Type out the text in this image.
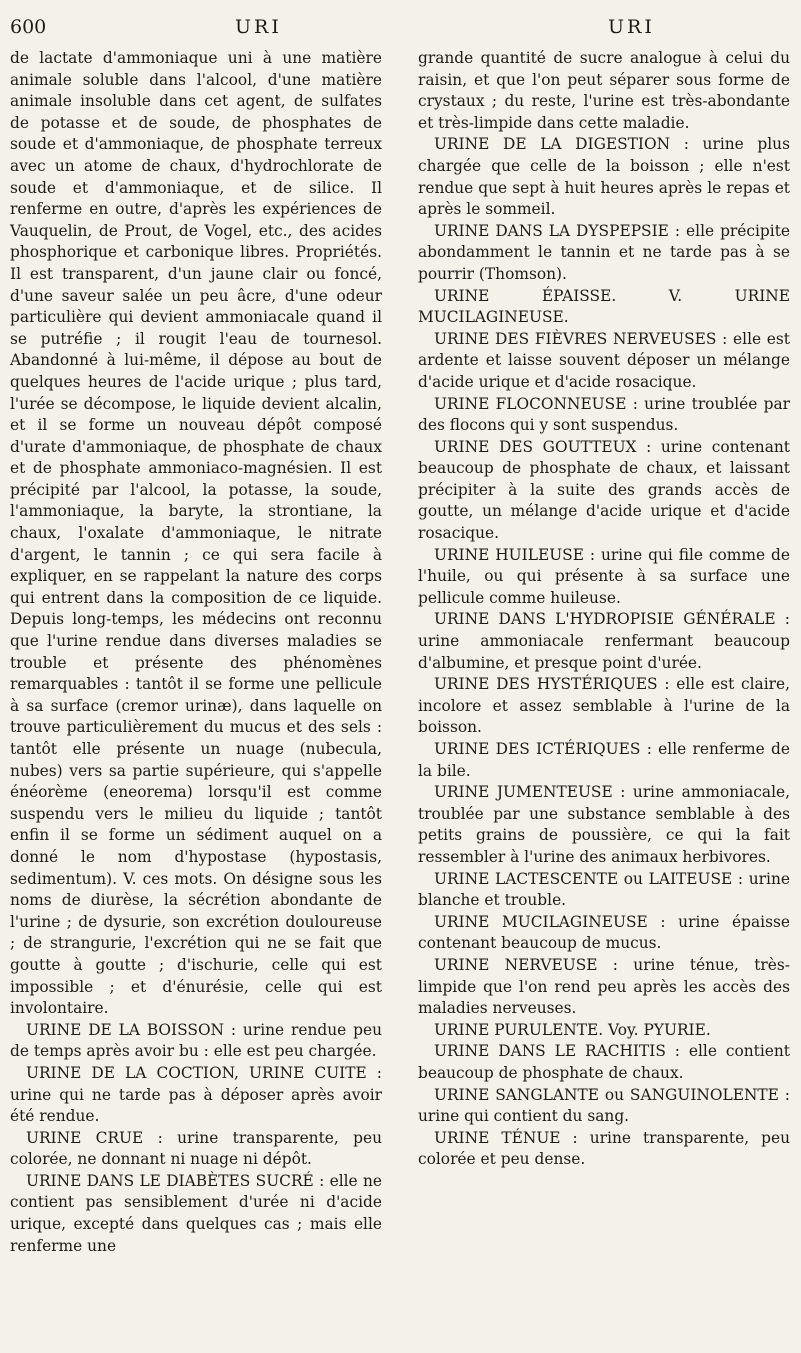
600	URI	URI

de lactate d'ammoniaque uni à une matière animale soluble dans l'alcool, d'une matière animale insoluble dans cet agent, de sulfates de potasse et de soude, de phosphates de soude et d'ammoniaque, de phosphate terreux avec un atome de chaux, d'hydrochlorate de soude et d'ammoniaque, et de silice. Il renferme en outre, d'après les expériences de Vauquelin, de Prout, de Vogel, etc., des acides phosphorique et carbonique libres. Propriétés. Il est transparent, d'un jaune clair ou foncé, d'une saveur salée un peu âcre, d'une odeur particulière qui devient ammoniacale quand il se putréfie ; il rougit l'eau de tournesol. Abandonné à lui-même, il dépose au bout de quelques heures de l'acide urique ; plus tard, l'urée se décompose, le liquide devient alcalin, et il se forme un nouveau dépôt composé d'urate d'ammoniaque, de phosphate de chaux et de phosphate ammoniaco-magnésien. Il est précipité par l'alcool, la potasse, la soude, l'ammoniaque, la baryte, la strontiane, la chaux, l'oxalate d'ammoniaque, le nitrate d'argent, le tannin ; ce qui sera facile à expliquer, en se rappelant la nature des corps qui entrent dans la composition de ce liquide. Depuis long-temps, les médecins ont reconnu que l'urine rendue dans diverses maladies se trouble et présente des phénomènes remarquables : tantôt il se forme une pellicule à sa surface (cremor urinæ), dans laquelle on trouve particulièrement du mucus et des sels : tantôt elle présente un nuage (nubecula, nubes) vers sa partie supérieure, qui s'appelle énéorème (eneorema) lorsqu'il est comme suspendu vers le milieu du liquide ; tantôt enfin il se forme un sédiment auquel on a donné le nom d'hypostase (hypostasis, sedimentum). V. ces mots. On désigne sous les noms de diurèse, la sécrétion abondante de l'urine ; de dysurie, son excrétion douloureuse ; de strangurie, l'excrétion qui ne se fait que goutte à goutte ; d'ischurie, celle qui est impossible ; et d'énurésie, celle qui est involontaire.

URINE DE LA BOISSON : urine rendue peu de temps après avoir bu : elle est peu chargée.

URINE DE LA COCTION, URINE CUITE : urine qui ne tarde pas à déposer après avoir été rendue.

URINE CRUE : urine transparente, peu colorée, ne donnant ni nuage ni dépôt.

URINE DANS LE DIABÈTES SUCRÉ : elle ne contient pas sensiblement d'urée ni d'acide urique, excepté dans quelques cas ; mais elle renferme une

grande quantité de sucre analogue à celui du raisin, et que l'on peut séparer sous forme de crystaux ; du reste, l'urine est très-abondante et très-limpide dans cette maladie.

URINE DE LA DIGESTION : urine plus chargée que celle de la boisson ; elle n'est rendue que sept à huit heures après le repas et après le sommeil.

URINE DANS LA DYSPEPSIE : elle précipite abondamment le tannin et ne tarde pas à se pourrir (Thomson).

URINE ÉPAISSE. V. URINE MUCILAGINEUSE.

URINE DES FIÈVRES NERVEUSES : elle est ardente et laisse souvent déposer un mélange d'acide urique et d'acide rosacique.

URINE FLOCONNEUSE : urine troublée par des flocons qui y sont suspendus.

URINE DES GOUTTEUX : urine contenant beaucoup de phosphate de chaux, et laissant précipiter à la suite des grands accès de goutte, un mélange d'acide urique et d'acide rosacique.

URINE HUILEUSE : urine qui file comme de l'huile, ou qui présente à sa surface une pellicule comme huileuse.

URINE DANS L'HYDROPISIE GÉNÉRALE : urine ammoniacale renfermant beaucoup d'albumine, et presque point d'urée.

URINE DES HYSTÉRIQUES : elle est claire, incolore et assez semblable à l'urine de la boisson.

URINE DES ICTÉRIQUES : elle renferme de la bile.

URINE JUMENTEUSE : urine ammoniacale, troublée par une substance semblable à des petits grains de poussière, ce qui la fait ressembler à l'urine des animaux herbivores.

URINE LACTESCENTE ou LAITEUSE : urine blanche et trouble.

URINE MUCILAGINEUSE : urine épaisse contenant beaucoup de mucus.

URINE NERVEUSE : urine ténue, très-limpide que l'on rend peu après les accès des maladies nerveuses.

URINE PURULENTE. Voy. PYURIE.

URINE DANS LE RACHITIS : elle contient beaucoup de phosphate de chaux.

URINE SANGLANTE ou SANGUINOLENTE : urine qui contient du sang.

URINE TÉNUE : urine transparente, peu colorée et peu dense.
